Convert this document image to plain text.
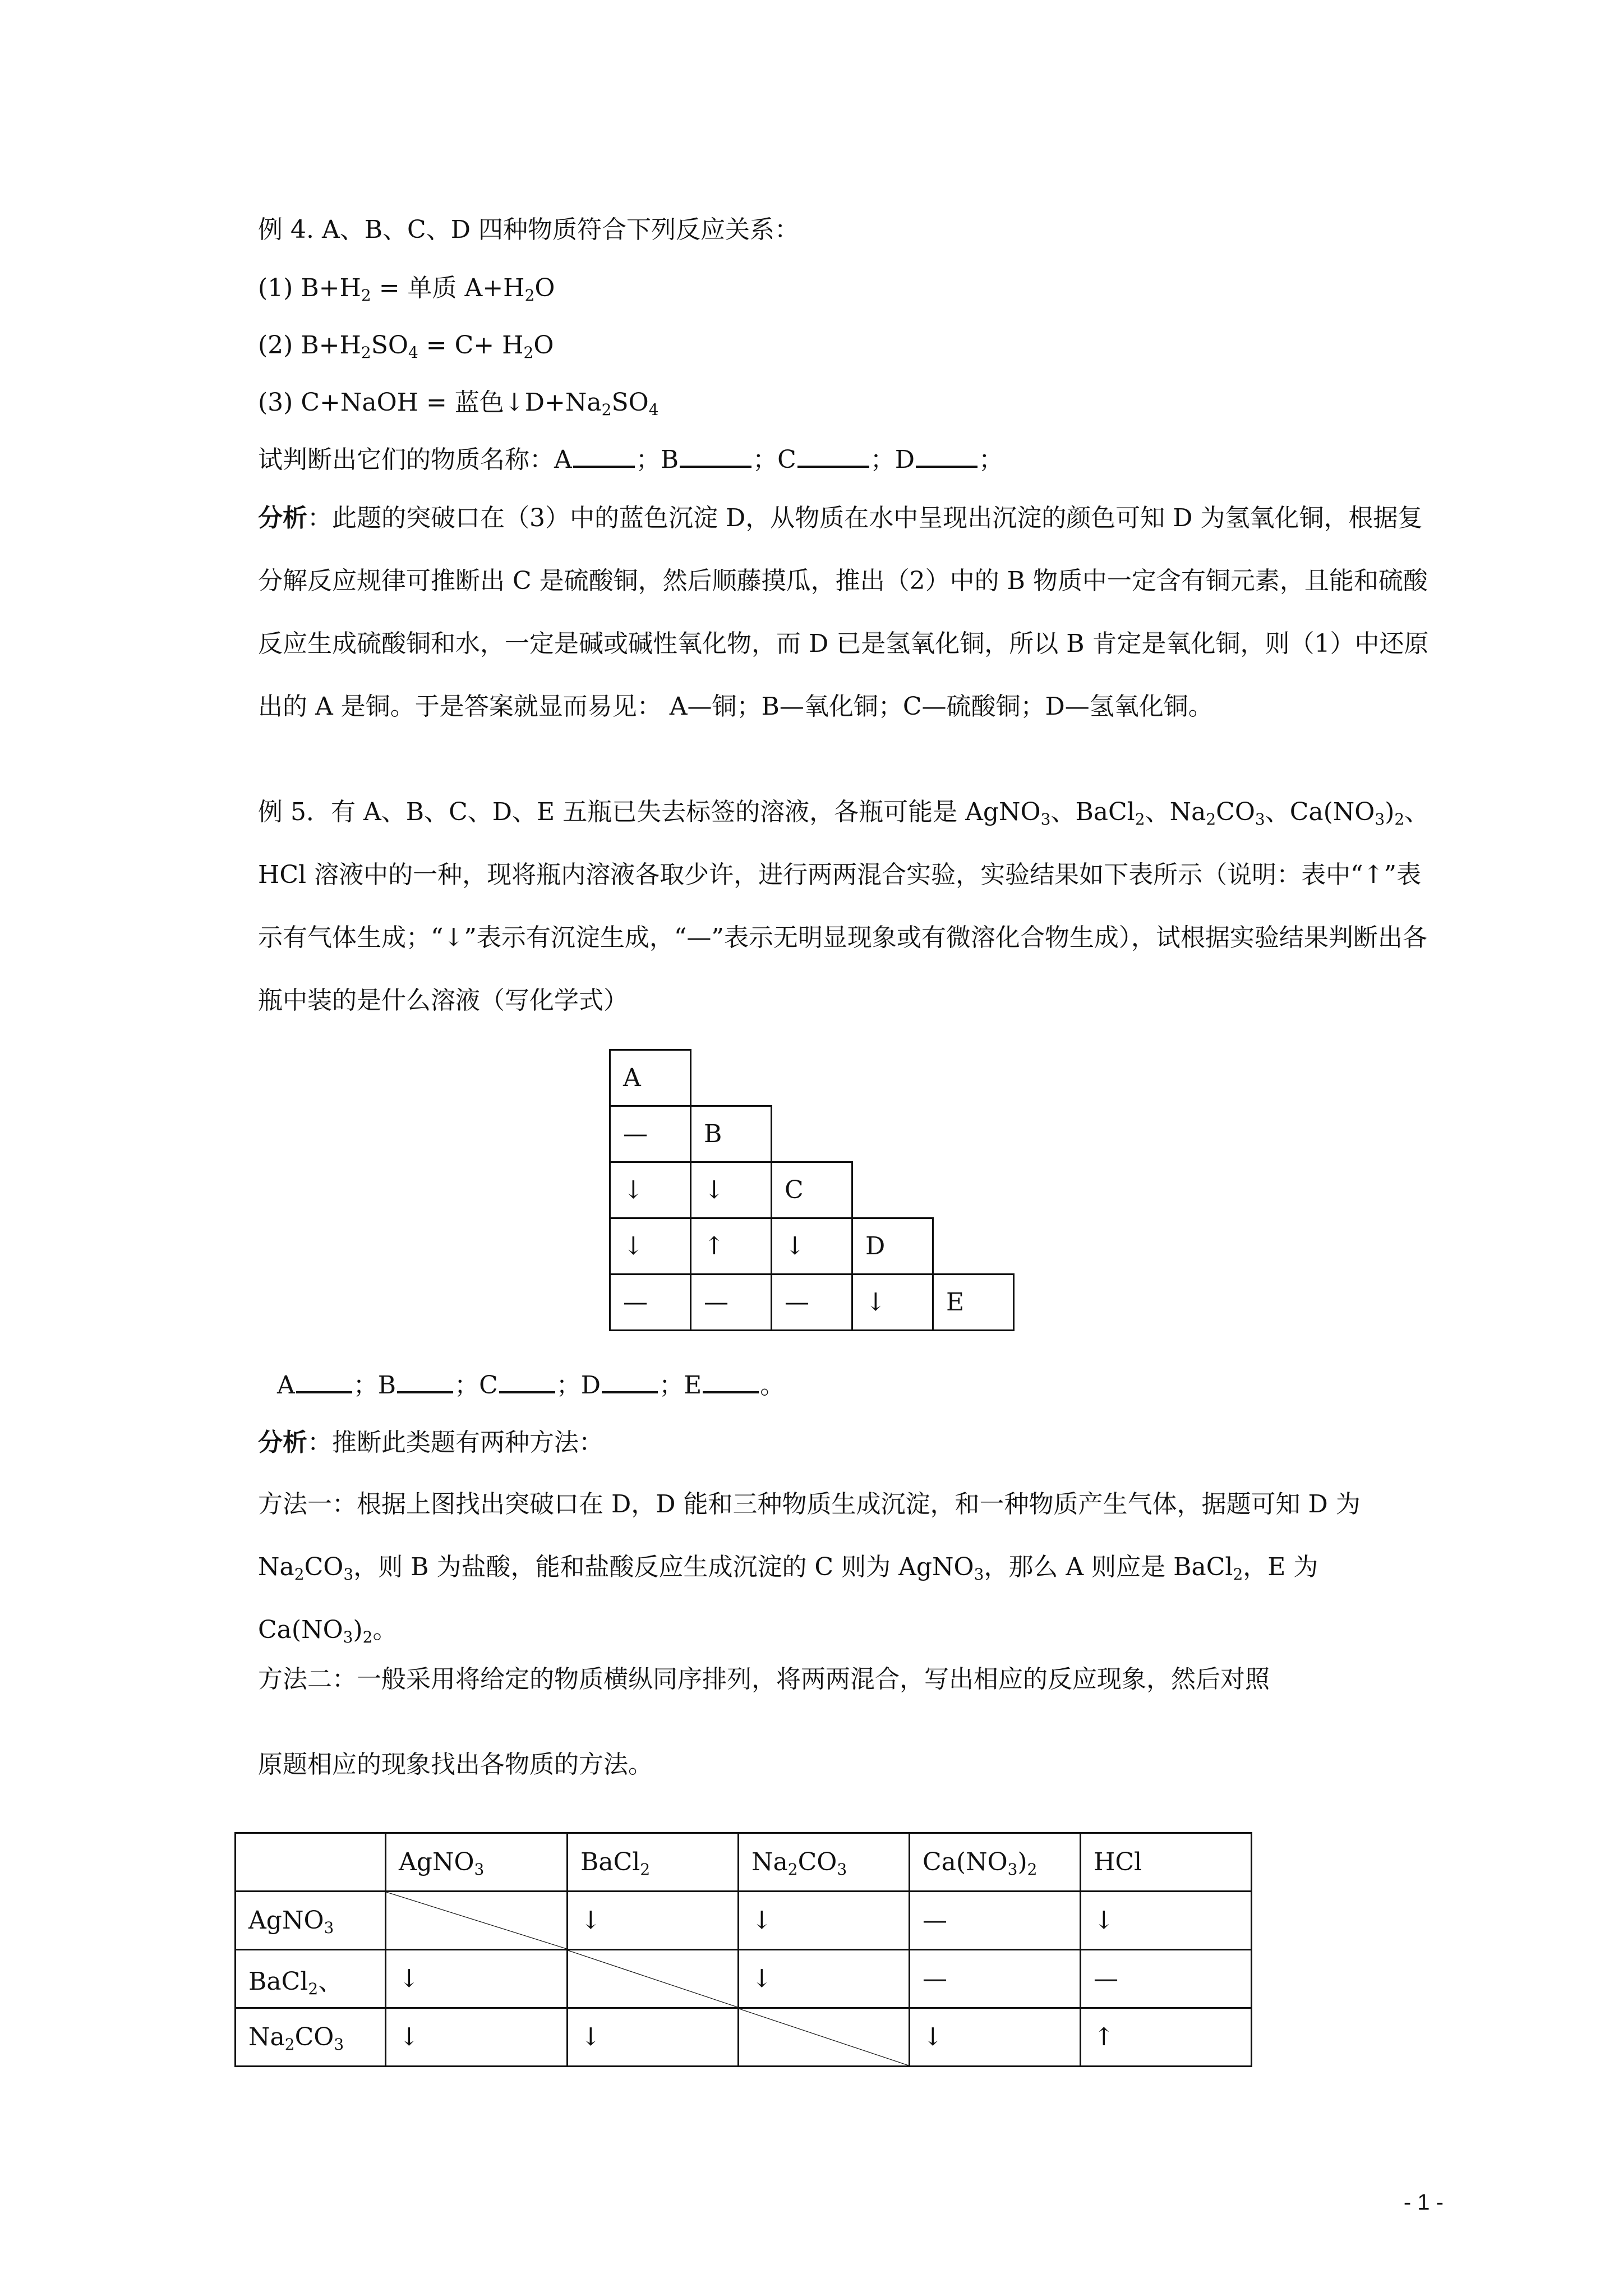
例 4. A、B、C、D 四种物质符合下列反应关系：
(1) $B+H_2$ = 单质 $A+H_2O$
(2) $B+H_2SO_4 = C+ H_2O$
(3) C+NaOH = 蓝色$↓D+Na_2SO_4$
试判断出它们的物质名称：A	；B	；C	；D	；
分析：此题的突破口在（3）中的蓝色沉淀 D，从物质在水中呈现出沉淀的颜色可知 D 为氢氧化铜，根据复分解反应规律可推断出 C 是硫酸铜，然后顺藤摸瓜，推出（2）中的 B 物质中一定含有铜元素，且能和硫酸反应生成硫酸铜和水，一定是碱或碱性氧化物，而 D 已是氢氧化铜，所以 B 肯定是氧化铜，则（1）中还原出的 A 是铜。于是答案就显而易见： A—铜；B—氧化铜；C—硫酸铜；D—氢氧化铜。
例 5．有 A、B、C、D、E 五瓶已失去标签的溶液，各瓶可能是 AgNO$_3$、BaCl$_2$、$Na_2CO_3$、$Ca(NO_3)_2$、HCl 溶液中的一种，现将瓶内溶液各取少许，进行两两混合实验，实验结果如下表所示（说明：表中“↑”表示有气体生成；“↓”表示有沉淀生成，“—”表示无明显现象或有微溶化合物生成），试根据实验结果判断出各瓶中装的是什么溶液（写化学式）
A				
—	B			
↓	↓	C		
↓	↑	↓	D	
—	—	—	↓	E
A ；B ；C ；D ；E 。
分析：推断此类题有两种方法：
方法一：根据上图找出突破口在 D，D 能和三种物质生成沉淀，和一种物质产生气体，据题可知 D 为 $Na_2CO_3$，则 B 为盐酸，能和盐酸反应生成沉淀的 C 则为 AgNO$_3$，那么 A 则应是 BaCl$_2$，E 为 $Ca(NO_3)_2$。
方法二：一般采用将给定的物质横纵同序排列，将两两混合，写出相应的反应现象，然后对照
原题相应的现象找出各物质的方法。
	AgNO$_3$	BaCl$_2$	$Na_2CO_3$	$Ca(NO_3)_2$	HCl
AgNO$_3$		↓	↓	—	↓
BaCl$_2$、	↓		↓	—	—
$Na_2CO_3$	↓	↓		↓	↑
- 1 -
